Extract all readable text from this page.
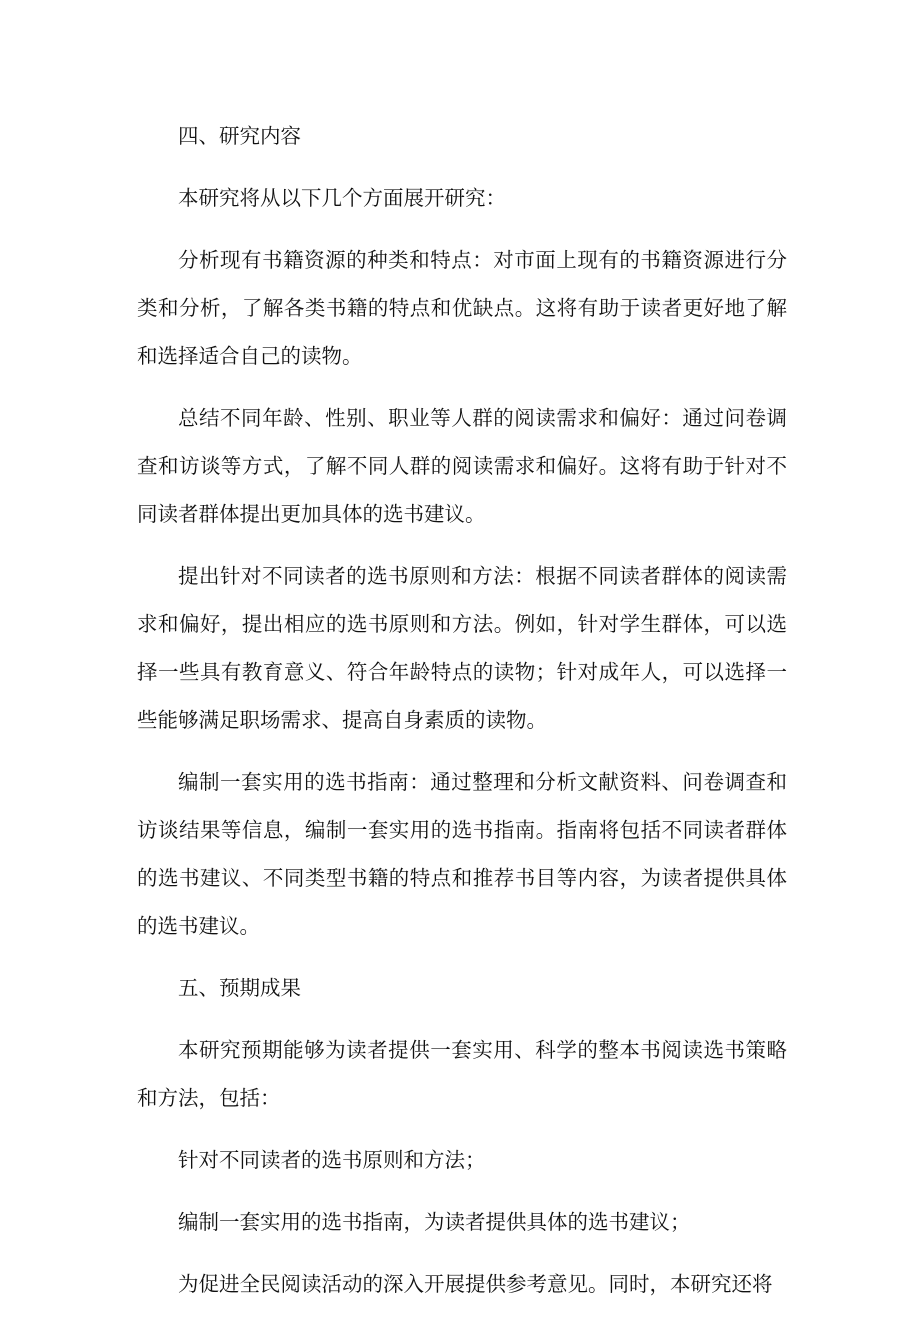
四、研究内容

本研究将从以下几个方面展开研究：

分析现有书籍资源的种类和特点：对市面上现有的书籍资源进行分类和分析，了解各类书籍的特点和优缺点。这将有助于读者更好地了解和选择适合自己的读物。

总结不同年龄、性别、职业等人群的阅读需求和偏好：通过问卷调查和访谈等方式，了解不同人群的阅读需求和偏好。这将有助于针对不同读者群体提出更加具体的选书建议。

提出针对不同读者的选书原则和方法：根据不同读者群体的阅读需求和偏好，提出相应的选书原则和方法。例如，针对学生群体，可以选择一些具有教育意义、符合年龄特点的读物；针对成年人，可以选择一些能够满足职场需求、提高自身素质的读物。

编制一套实用的选书指南：通过整理和分析文献资料、问卷调查和访谈结果等信息，编制一套实用的选书指南。指南将包括不同读者群体的选书建议、不同类型书籍的特点和推荐书目等内容，为读者提供具体的选书建议。

五、预期成果

本研究预期能够为读者提供一套实用、科学的整本书阅读选书策略和方法，包括：

针对不同读者的选书原则和方法；

编制一套实用的选书指南，为读者提供具体的选书建议；

为促进全民阅读活动的深入开展提供参考意见。同时，本研究还将
